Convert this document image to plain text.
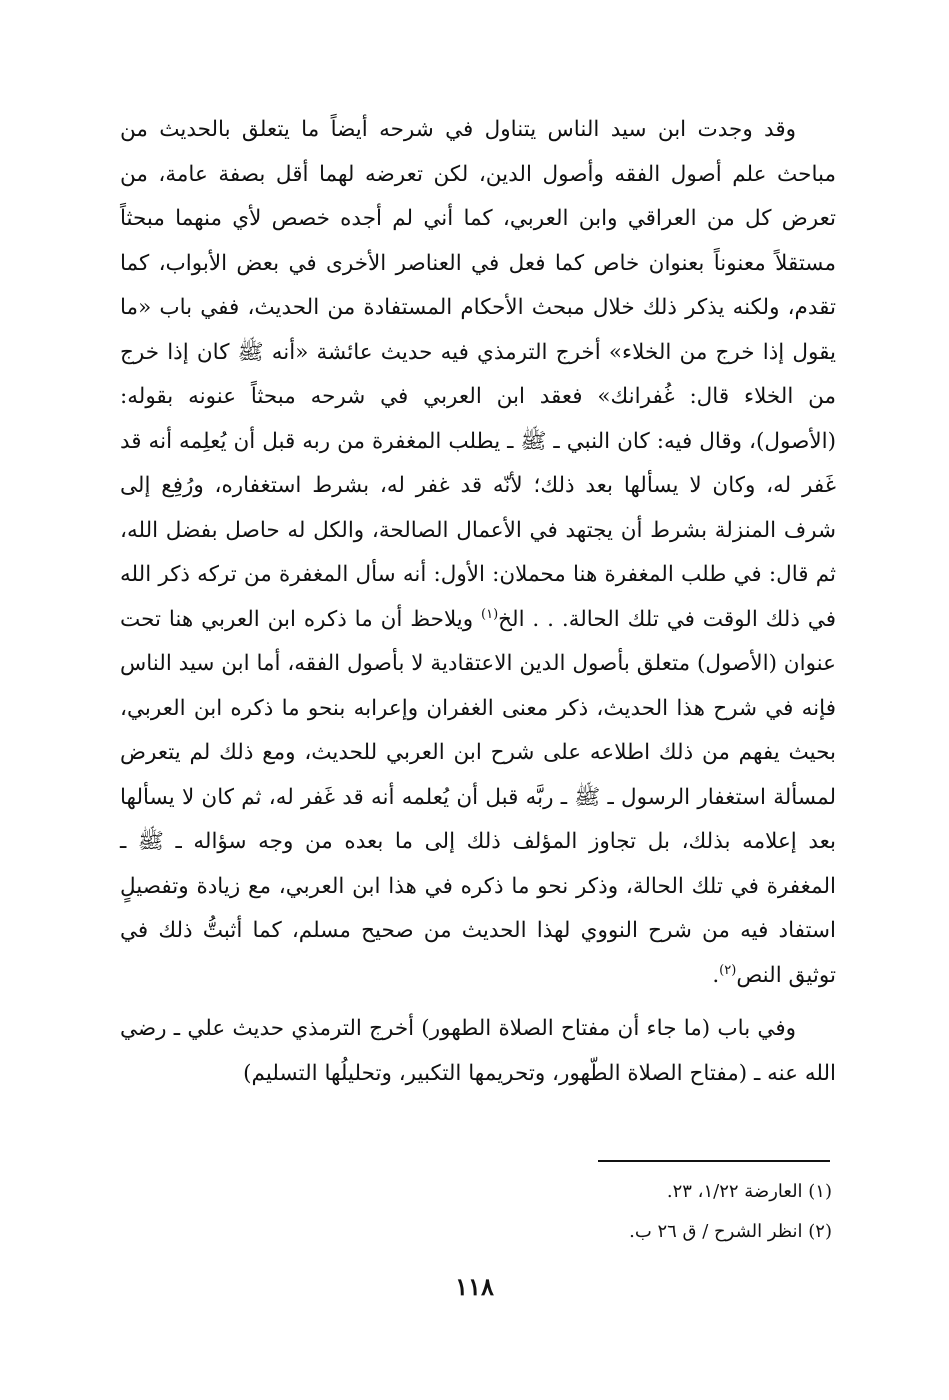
وقد وجدت ابن سيد الناس يتناول في شرحه أيضاً ما يتعلق بالحديث من مباحث علم أصول الفقه وأصول الدين، لكن تعرضه لهما أقل بصفة عامة، من تعرض كل من العراقي وابن العربي، كما أني لم أجده خصص لأي منهما مبحثاً مستقلاً معنوناً بعنوان خاص كما فعل في العناصر الأخرى في بعض الأبواب، كما تقدم، ولكنه يذكر ذلك خلال مبحث الأحكام المستفادة من الحديث، ففي باب «ما يقول إذا خرج من الخلاء» أخرج الترمذي فيه حديث عائشة «أنه ﷺ كان إذا خرج من الخلاء قال: غُفرانك» فعقد ابن العربي في شرحه مبحثاً عنونه بقوله: (الأصول)، وقال فيه: كان النبي ـ ﷺ ـ يطلب المغفرة من ربه قبل أن يُعلِمه أنه قد غَفر له، وكان لا يسألها بعد ذلك؛ لأنّه قد غفر له، بشرط استغفاره، ورُفِع إلى شرف المنزلة بشرط أن يجتهد في الأعمال الصالحة، والكل له حاصل بفضل الله، ثم قال: في طلب المغفرة هنا محملان: الأول: أنه سأل المغفرة من تركه ذكر الله في ذلك الوقت في تلك الحالة. . . الخ$^{(١)}$ ويلاحظ أن ما ذكره ابن العربي هنا تحت عنوان (الأصول) متعلق بأصول الدين الاعتقادية لا بأصول الفقه، أما ابن سيد الناس فإنه في شرح هذا الحديث، ذكر معنى الغفران وإعرابه بنحو ما ذكره ابن العربي، بحيث يفهم من ذلك اطلاعه على شرح ابن العربي للحديث، ومع ذلك لم يتعرض لمسألة استغفار الرسول ـ ﷺ ـ ربَّه قبل أن يُعلمه أنه قد غَفر له، ثم كان لا يسألها بعد إعلامه بذلك، بل تجاوز المؤلف ذلك إلى ما بعده من وجه سؤاله ـ ﷺ ـ المغفرة في تلك الحالة، وذكر نحو ما ذكره في هذا ابن العربي، مع زيادة وتفصيلٍ استفاد فيه من شرح النووي لهذا الحديث من صحيح مسلم، كما أثبتُّ ذلك في توثيق النص$^{(٢)}$.

وفي باب (ما جاء أن مفتاح الصلاة الطهور) أخرج الترمذي حديث علي ـ رضي الله عنه ـ (مفتاح الصلاة الطّهور، وتحريمها التكبير، وتحليلُها التسليم)

(١) العارضة ١/٢٢، ٢٣.

(٢) انظر الشرح / ق ٢٦ ب.

١١٨
